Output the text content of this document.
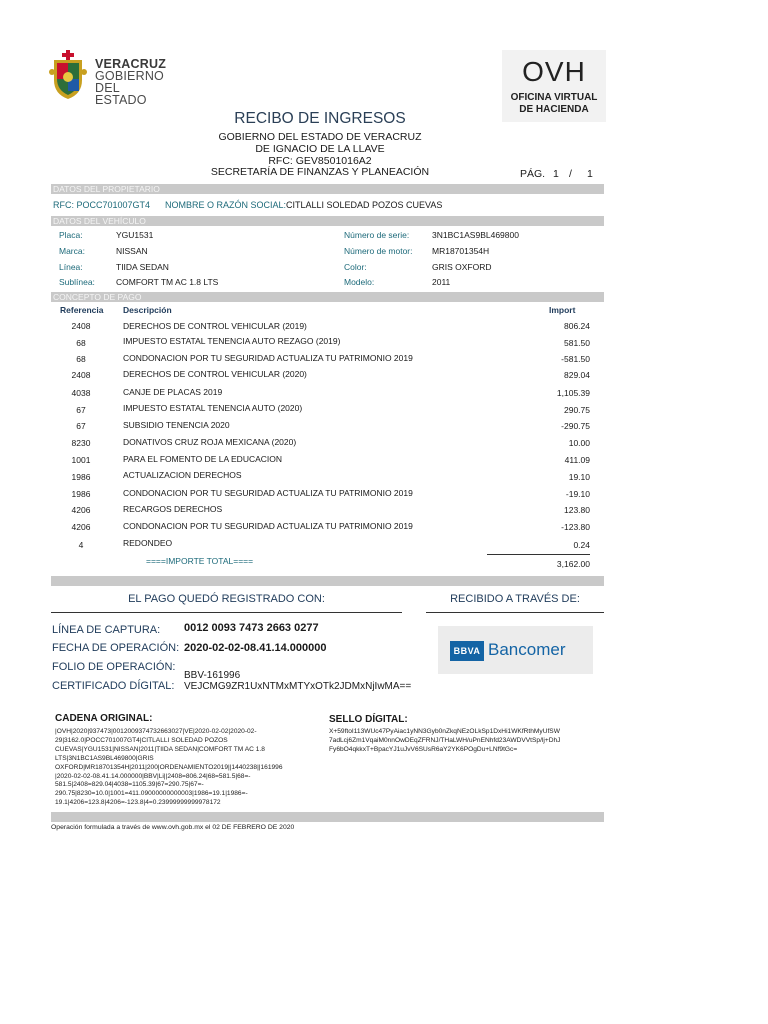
VERACRUZ
GOBIERNO
DEL ESTADO
OVH
OFICINA VIRTUAL
DE HACIENDA
RECIBO DE INGRESOS
GOBIERNO DEL ESTADO DE VERACRUZ
DE IGNACIO DE LA LLAVE
RFC: GEV8501016A2
SECRETARÍA DE FINANZAS Y PLANEACIÓN	PÁG. 1 / 1
DATOS DEL PROPIETARIO
RFC: POCC701007GT4 NOMBRE O RAZÓN SOCIAL: CITLALLI SOLEDAD POZOS CUEVAS
DATOS DEL VEHÍCULO
Placa:	YGU1531	Número de serie:	3N1BC1AS9BL469800
Marca:	NISSAN	Número de motor: MR18701354H
Línea:	TIIDA SEDAN	Color:	GRIS OXFORD
Sublínea: COMFORT TM AC 1.8 LTS	Modelo:	2011
CONCEPTO DE PAGO
Referencia Descripción	Import
2408	DERECHOS DE CONTROL VEHICULAR (2019)	806.24
68	IMPUESTO ESTATAL TENENCIA AUTO REZAGO (2019)	581.50
68	CONDONACION POR TU SEGURIDAD ACTUALIZA TU PATRIMONIO 2019	-581.50
2408	DERECHOS DE CONTROL VEHICULAR (2020)	829.04
4038	CANJE DE PLACAS 2019	1,105.39
67	IMPUESTO ESTATAL TENENCIA AUTO (2020)	290.75
67	SUBSIDIO TENENCIA 2020	-290.75
8230	DONATIVOS CRUZ ROJA MEXICANA (2020)	10.00
1001	PARA EL FOMENTO DE LA EDUCACION	411.09
1986	ACTUALIZACION DERECHOS	19.10
1986	CONDONACION POR TU SEGURIDAD ACTUALIZA TU PATRIMONIO 2019	-19.10
4206	RECARGOS DERECHOS	123.80
4206	CONDONACION POR TU SEGURIDAD ACTUALIZA TU PATRIMONIO 2019	-123.80
4	REDONDEO	0.24
====IMPORTE TOTAL====	3,162.00
EL PAGO QUEDÓ REGISTRADO CON:	RECIBIDO A TRAVÉS DE:
LÍNEA DE CAPTURA: 0012 0093 7473 2663 0277
FECHA DE OPERACIÓN: 2020-02-02-08.41.14.000000
FOLIO DE OPERACIÓN:
BBV-161996
CERTIFICADO DÍGITAL: VEJCMG9ZR1UxNTMxMTYxOTk2JDMxNjIwMA==
BBVA Bancomer
CADENA ORIGINAL:	SELLO DÍGITAL:
|OVH|2020|937473|0012009374732663027|VE|2020-02-02|2020-02-
29|3162.0|POCC701007GT4|CITLALLI SOLEDAD POZOS
CUEVAS|YGU1531|NISSAN|2011|TIIDA SEDAN|COMFORT TM AC 1.8
LTS|3N1BC1AS9BL469800|GRIS
OXFORD|MR18701354H|2011|200|ORDENAMIENTO2019||1440238||161996
|2020-02-02-08.41.14.000000|BBV|Li||2408=806.24|68=581.5|68=-
581.5|2408=829.04|4038=1105.39|67=290.75|67=-
290.75|8230=10.0|1001=411.09000000000003|1986=19.1|1986=-
19.1|4206=123.8|4206=-123.8|4=0.23999999999978172
X+59ftoI113WUc47PyAiac1yNN3Gyb0nZkqNEzOLkSp1DxHi1WKfRthMyUfSW
7adLcj6Zm1VqaiM0nnOwDEqZFRNJ/THaLWH/uPnENhfd23AWDVVtSp/lj+DhJ
Fy6bO4qkkxT+BpacYJ1uJvV6SUsR6aY2YK6POgDu+LNf9tGc=
Operación formulada a través de www.ovh.gob.mx el 02 DE FEBRERO DE 2020
